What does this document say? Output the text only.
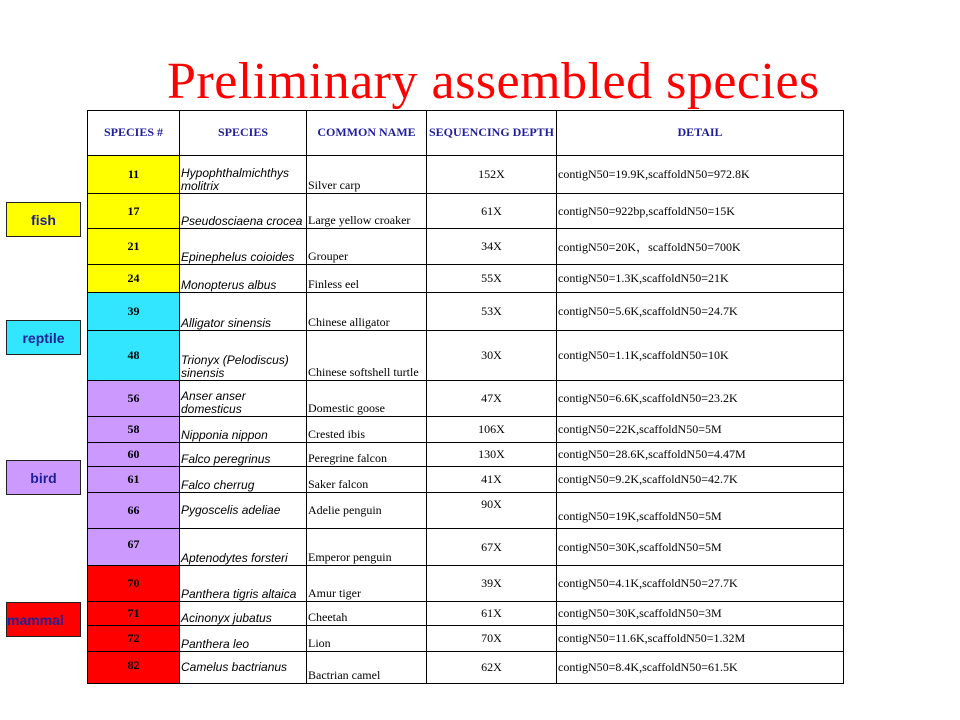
Preliminary assembled species
SPECIES #	SPECIES	COMMON NAME	SEQUENCING DEPTH	DETAIL
11	Hypophthalmichthys molitrix	Silver carp	152X	contigN50=19.9K,scaffoldN50=972.8K
17	Pseudosciaena crocea	Large yellow croaker	61X	contigN50=922bp,scaffoldN50=15K
21	Epinephelus coioides	Grouper	34X	contigN50=20K，scaffoldN50=700K
24	Monopterus albus	Finless eel	55X	contigN50=1.3K,scaffoldN50=21K
39	Alligator sinensis	Chinese alligator	53X	contigN50=5.6K,scaffoldN50=24.7K
48	Trionyx (Pelodiscus) sinensis	Chinese softshell turtle	30X	contigN50=1.1K,scaffoldN50=10K
56	Anser anser domesticus	Domestic goose	47X	contigN50=6.6K,scaffoldN50=23.2K
58	Nipponia nippon	Crested ibis	106X	contigN50=22K,scaffoldN50=5M
60	Falco peregrinus	Peregrine falcon	130X	contigN50=28.6K,scaffoldN50=4.47M
61	Falco cherrug	Saker falcon	41X	contigN50=9.2K,scaffoldN50=42.7K
66	Pygoscelis adeliae	Adelie penguin	90X	contigN50=19K,scaffoldN50=5M
67	Aptenodytes forsteri	Emperor penguin	67X	contigN50=30K,scaffoldN50=5M
70	Panthera tigris altaica	Amur tiger	39X	contigN50=4.1K,scaffoldN50=27.7K
71	Acinonyx jubatus	Cheetah	61X	contigN50=30K,scaffoldN50=3M
72	Panthera leo	Lion	70X	contigN50=11.6K,scaffoldN50=1.32M
82	Camelus bactrianus	Bactrian camel	62X	contigN50=8.4K,scaffoldN50=61.5K
fish
reptile
bird
mammal
